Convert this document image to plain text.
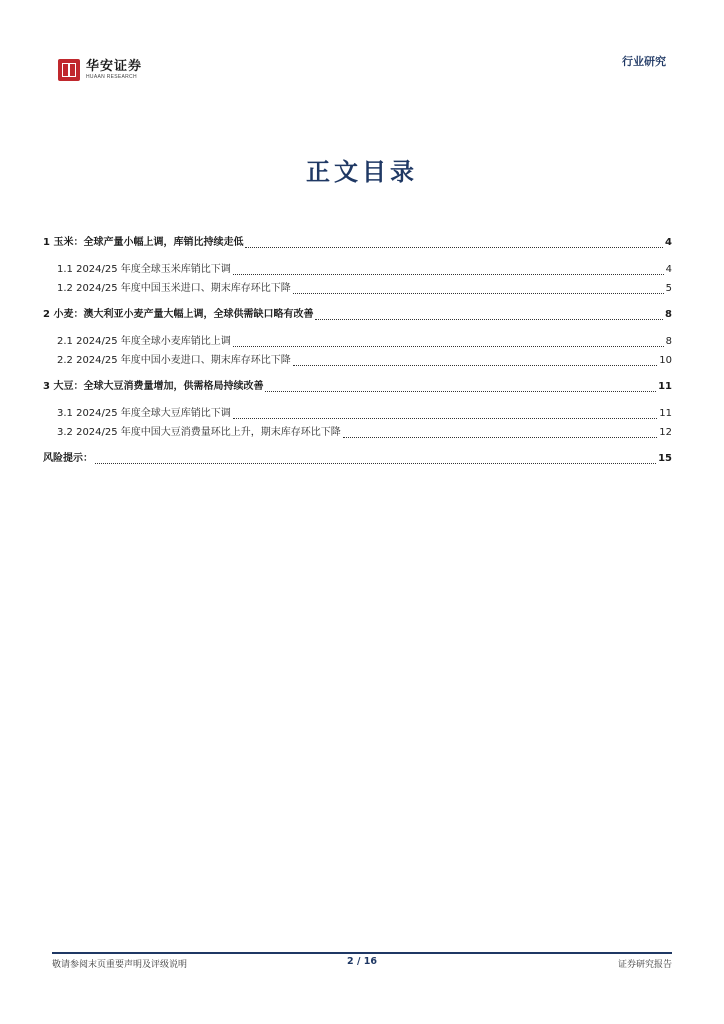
华安证券
HUAAN RESEARCH
行业研究
正文目录
1 玉米：全球产量小幅上调，库销比持续走低	4
1.1 2024/25 年度全球玉米库销比下调	4
1.2 2024/25 年度中国玉米进口、期末库存环比下降	5
2 小麦：澳大利亚小麦产量大幅上调，全球供需缺口略有改善	8
2.1 2024/25 年度全球小麦库销比上调	8
2.2 2024/25 年度中国小麦进口、期末库存环比下降	10
3 大豆：全球大豆消费量增加，供需格局持续改善	11
3.1 2024/25 年度全球大豆库销比下调	11
3.2 2024/25 年度中国大豆消费量环比上升，期末库存环比下降	12
风险提示：	15
敬请参阅末页重要声明及评级说明	2 / 16	证券研究报告
